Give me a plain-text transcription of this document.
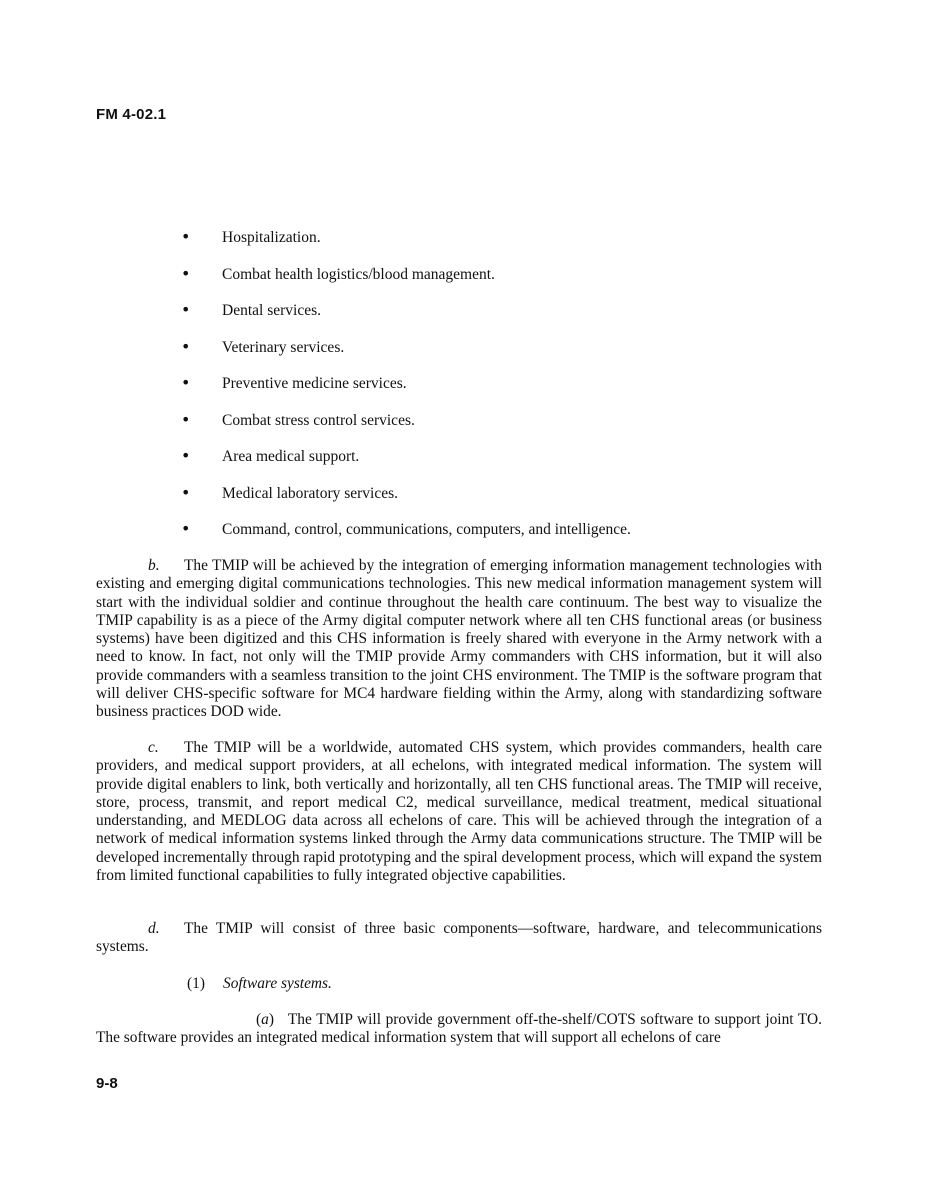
FM 4-02.1
• Hospitalization.
• Combat health logistics/blood management.
• Dental services.
• Veterinary services.
• Preventive medicine services.
• Combat stress control services.
• Area medical support.
• Medical laboratory services.
• Command, control, communications, computers, and intelligence.

b. The TMIP will be achieved by the integration of emerging information management technologies with existing and emerging digital communications technologies. This new medical information management system will start with the individual soldier and continue throughout the health care continuum. The best way to visualize the TMIP capability is as a piece of the Army digital computer network where all ten CHS functional areas (or business systems) have been digitized and this CHS information is freely shared with everyone in the Army network with a need to know. In fact, not only will the TMIP provide Army commanders with CHS information, but it will also provide commanders with a seamless transition to the joint CHS environment. The TMIP is the software program that will deliver CHS-specific software for MC4 hardware fielding within the Army, along with standardizing software business practices DOD wide.

c. The TMIP will be a worldwide, automated CHS system, which provides commanders, health care providers, and medical support providers, at all echelons, with integrated medical information. The system will provide digital enablers to link, both vertically and horizontally, all ten CHS functional areas. The TMIP will receive, store, process, transmit, and report medical C2, medical surveillance, medical treatment, medical situational understanding, and MEDLOG data across all echelons of care. This will be achieved through the integration of a network of medical information systems linked through the Army data communications structure. The TMIP will be developed incrementally through rapid prototyping and the spiral development process, which will expand the system from limited functional capabilities to fully integrated objective capabilities.

d. The TMIP will consist of three basic components—software, hardware, and telecommunications systems.

(1) Software systems.

(a) The TMIP will provide government off-the-shelf/COTS software to support joint TO. The software provides an integrated medical information system that will support all echelons of care

9-8
